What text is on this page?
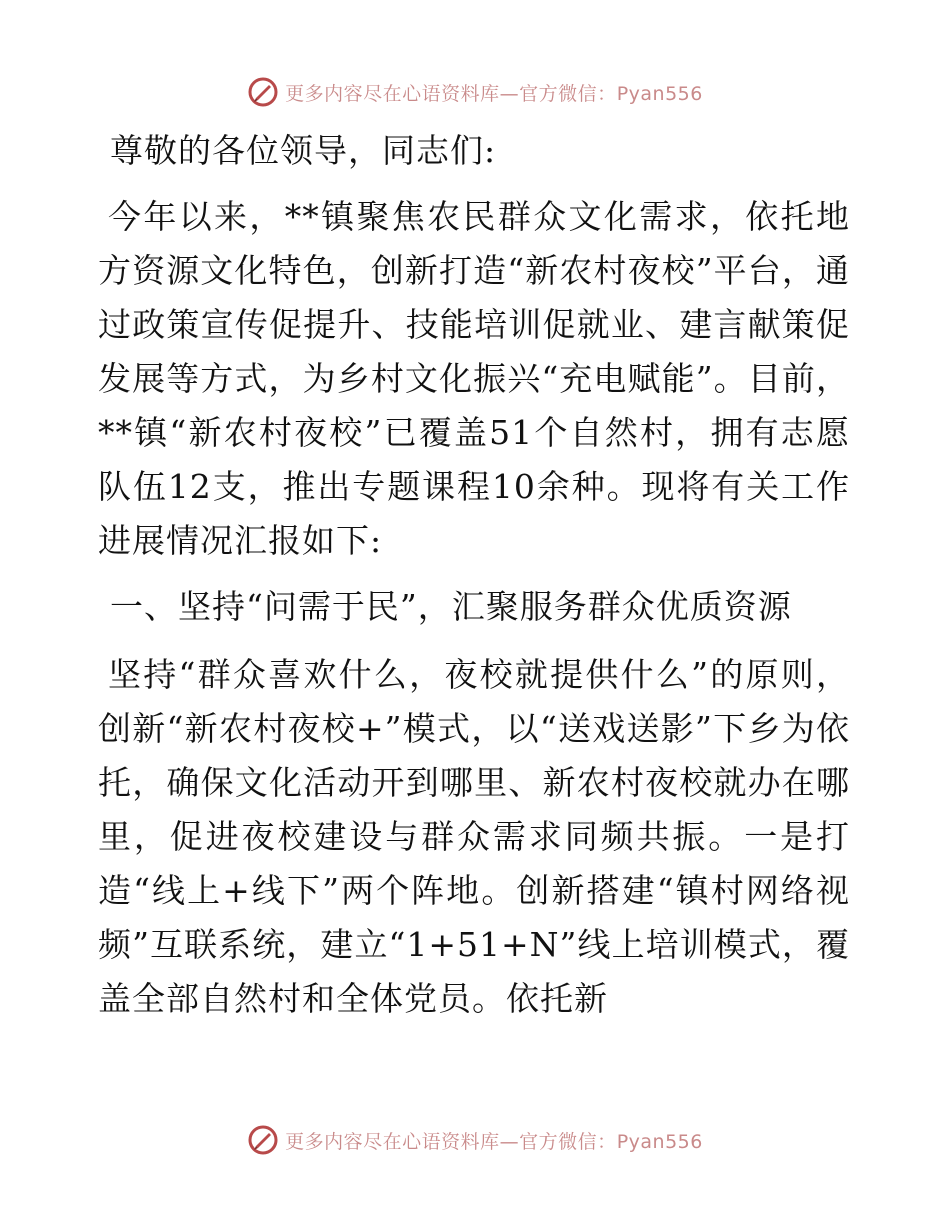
更多内容尽在心语资料库—官方微信：Pyan556

尊敬的各位领导，同志们:

今年以来，**镇聚焦农民群众文化需求，依托地方资源文化特色，创新打造“新农村夜校”平台，通过政策宣传促提升、技能培训促就业、建言献策促发展等方式，为乡村文化振兴“充电赋能”。目前，**镇“新农村夜校”已覆盖51个自然村，拥有志愿队伍12支，推出专题课程10余种。现将有关工作进展情况汇报如下:

一、坚持“问需于民”，汇聚服务群众优质资源

坚持“群众喜欢什么，夜校就提供什么”的原则，创新“新农村夜校+”模式，以“送戏送影”下乡为依托，确保文化活动开到哪里、新农村夜校就办在哪里，促进夜校建设与群众需求同频共振。一是打造“线上+线下”两个阵地。创新搭建“镇村网络视频”互联系统，建立“1+51+N”线上培训模式，覆盖全部自然村和全体党员。依托新

更多内容尽在心语资料库—官方微信：Pyan556
